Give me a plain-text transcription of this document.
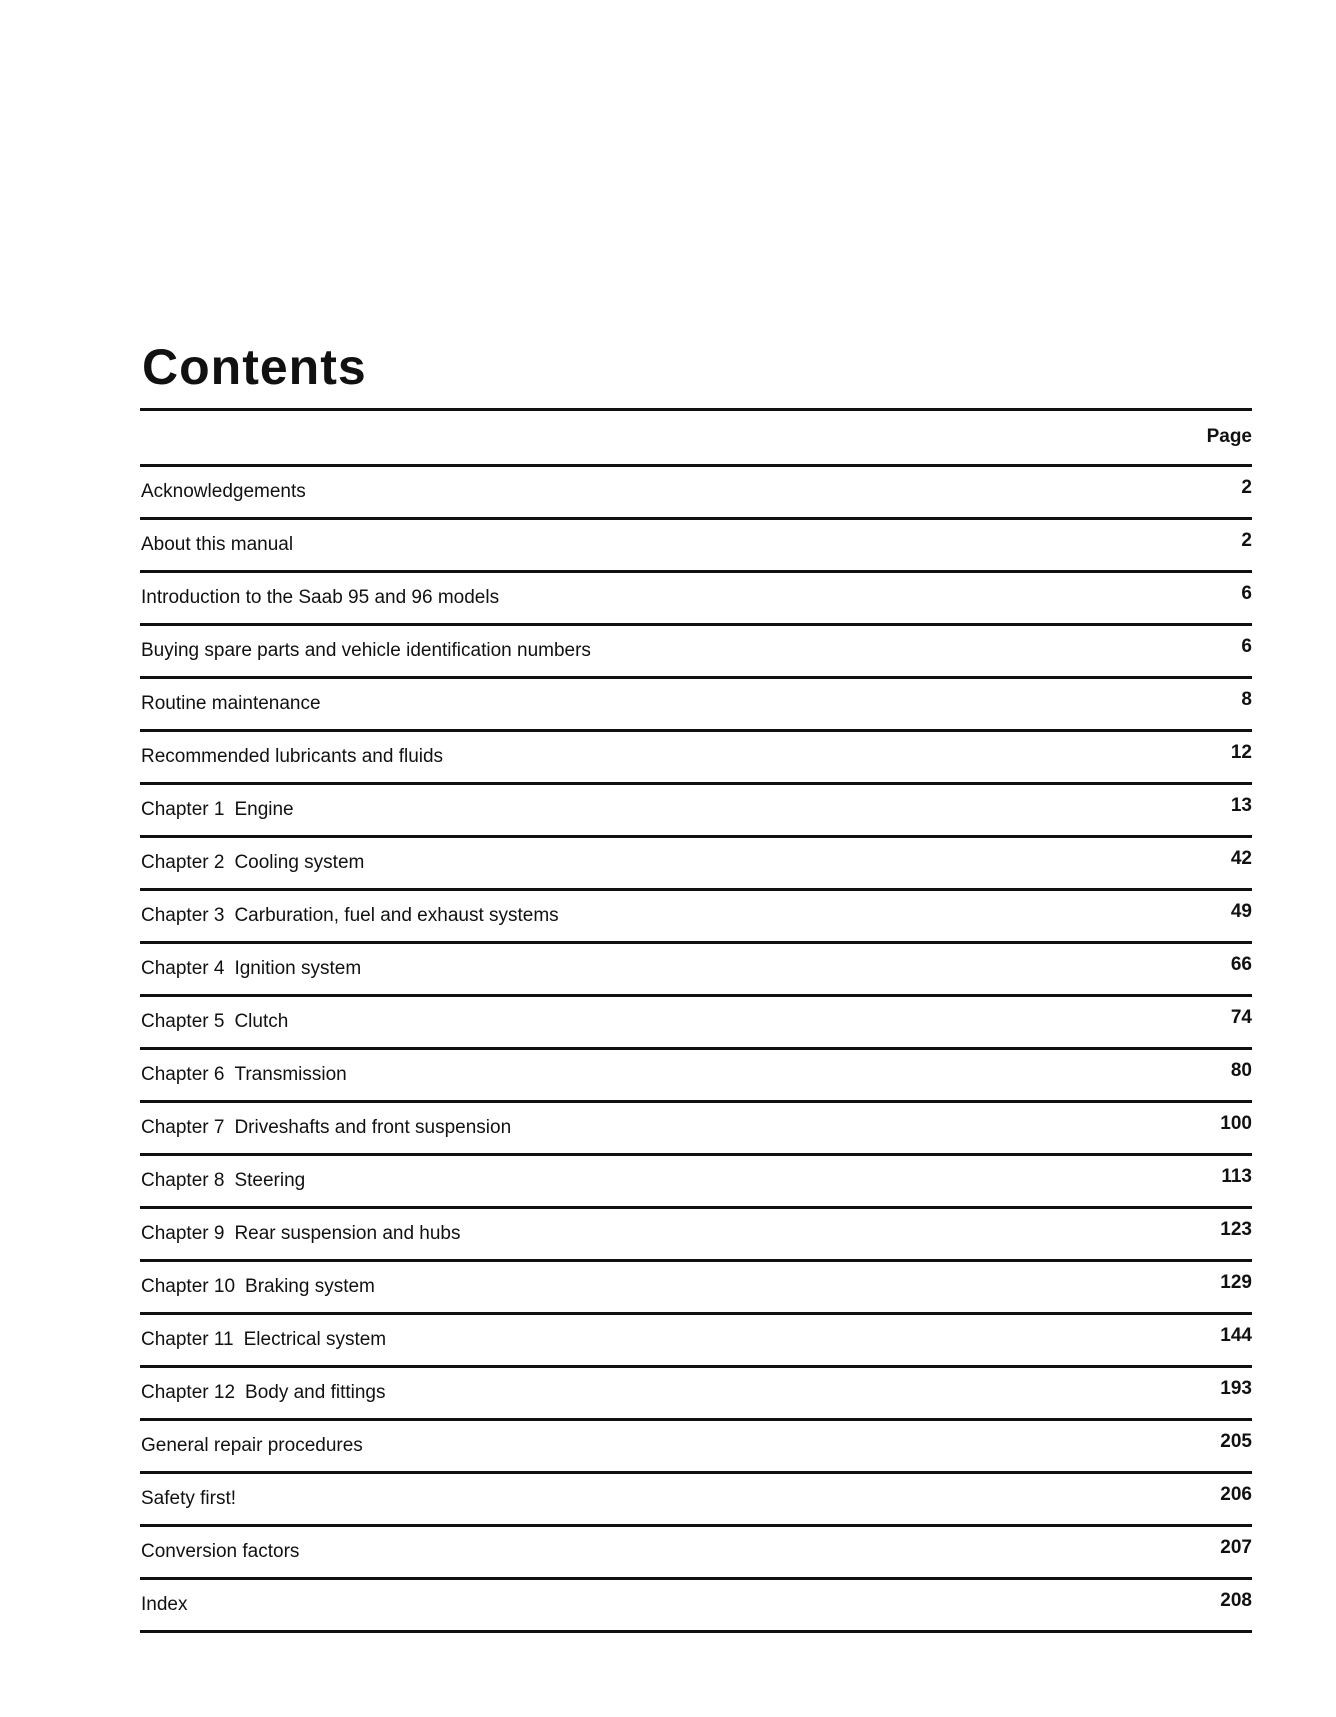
Contents
Page
Acknowledgements	2
About this manual	2
Introduction to the Saab 95 and 96 models	6
Buying spare parts and vehicle identification numbers	6
Routine maintenance	8
Recommended lubricants and fluids	12
Chapter 1 Engine	13
Chapter 2 Cooling system	42
Chapter 3 Carburation, fuel and exhaust systems	49
Chapter 4 Ignition system	66
Chapter 5 Clutch	74
Chapter 6 Transmission	80
Chapter 7 Driveshafts and front suspension	100
Chapter 8 Steering	113
Chapter 9 Rear suspension and hubs	123
Chapter 10 Braking system	129
Chapter 11 Electrical system	144
Chapter 12 Body and fittings	193
General repair procedures	205
Safety first!	206
Conversion factors	207
Index	208
